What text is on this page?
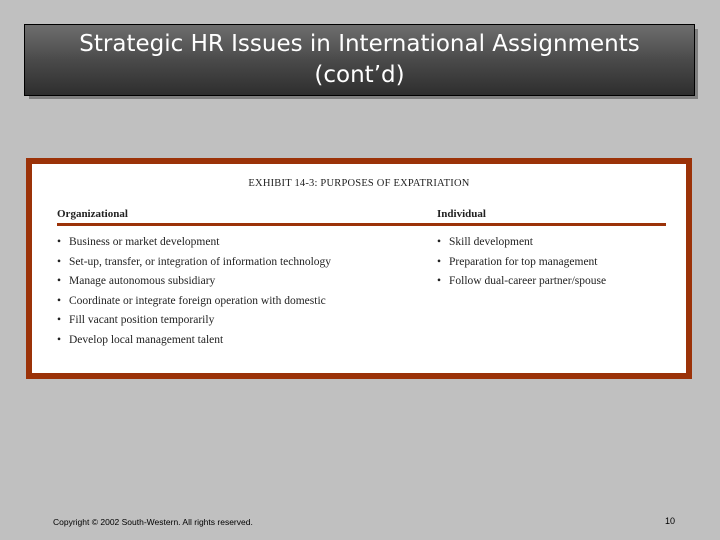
Strategic HR Issues in International Assignments
(cont’d)
EXHIBIT 14-3: PURPOSES OF EXPATRIATION
Organizational	Individual
• Business or market development
• Set-up, transfer, or integration of information technology
• Manage autonomous subsidiary
• Coordinate or integrate foreign operation with domestic
• Fill vacant position temporarily
• Develop local management talent
• Skill development
• Preparation for top management
• Follow dual-career partner/spouse
Copyright © 2002 South-Western. All rights reserved.	10
